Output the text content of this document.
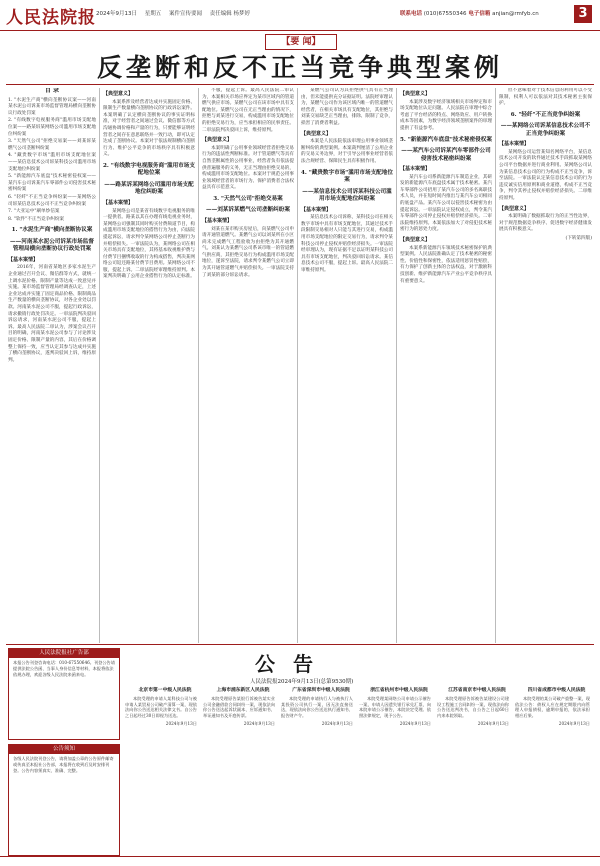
人民法院报 2024年9月13日 星期五 案件宣传要闻 责任编辑 杨梦婷	联系电话 (010)67550346 电子信箱 anjian@rmfyb.cn	3
【要 闻】
反垄断和反不正当竞争典型案例

目 录

1. "水泥生产商"横向垄断协议案——河南某水泥公司诉某市场监督管理局横向垄断协议行政处罚案

2. "有线数字电视服务商"滥用市场支配地位案——路某诉某网络公司滥用市场支配地位纠纷案

3. "天然气公司"拒绝交易案——刘某诉某燃气公司垄断纠纷案

4. "藏贵数字市场"滥用市场支配地位案——某信息技术公司诉某科技公司滥用市场支配地位纠纷案

5. "新能源汽车底盘"技术秘密侵权案——某汽车公司诉某汽车零部件公司侵害技术秘密纠纷案

6. "轻纤"不正当竞争纠纷案——某网络公司诉某信息技术公司不正当竞争纠纷案

7. "大亚运中"刷单炒信案

8. "软件"不正当竞争纠纷案

1. "水泥生产商"横向垄断协议案

——河南某水泥公司诉某市场监督管理局横向垄断协议行政处罚案

【基本案情】

2016年，河南省某地区多家水泥生产企业通过召开会议、微信群等方式，就统一上调水泥价格、限制产量等达成一致意见并实施。某市场监督管理局经调查认定，上述企业达成并实施了固定商品价格、限制商品生产数量的横向垄断协议，对各企业处以罚款。河南某水泥公司不服，提起行政诉讼，请求撤销行政处罚决定。一审法院判决驳回诉讼请求，河南某水泥公司不服，提起上诉。最高人民法院二审认为，涉案会议召开目的明确，河南某水泥公司参与了讨论涉及固定价格、限制产量的内容，其后在价格调整上保持一致，应当认定其参与达成并实施了横向垄断协议，遂判决驳回上诉，维持原判。

【典型意义】

本案系涉及经营者达成并实施固定价格、限制生产数量横向垄断协议的行政诉讼案件。本案明确了认定横向垄断协议的事实证明标准，对于经营者之间通过会议、微信群等方式沟通协调价格和产量的行为，只要能够证明经营者之间存在意思联络并一致行动，即可认定达成了垄断协议。本案对于依法规制横向垄断行为、维护公平竞争的市场秩序具有积极意义。

2. "有线数字电视服务商"滥用市场支配地位案

——路某诉某网络公司滥用市场支配地位纠纷案

【基本案情】

某网络公司是某省有线数字电视服务的唯一提供者。路某以其在办理有线电视业务时，某网络公司强制其同时购买付费频道节目，构成滥用市场支配地位的搭售行为为由，向法院提起诉讼，请求判令某网络公司停止垄断行为并赔偿损失。一审法院认为，某网络公司在相关市场具有支配地位，其将基本收视维护费与付费节目捆绑收取的行为构成搭售，判决某网络公司返还路某付费节目费用。某网络公司不服，提起上诉。二审法院经审理维持原判。本案判决明确了公用企业搭售行为的认定标准。

不服，提起上诉。最高人民法院二审认为，本案相关市场应界定为某市区域内的管道燃气供应市场。某燃气公司在该市场中具有支配地位。某燃气公司在无正当理由的情况下，拒绝与刘某进行交易，构成滥用市场支配地位的拒绝交易行为，应当承担相应的民事责任。二审法院判决驳回上诉，维持原判。

【典型意义】

本案明确了公用事业领域经营者拒绝交易行为的违法性判断标准。对于管道燃气等具有自然垄断属性的公用事业，经营者负有依法提供普遍服务的义务，无正当理由拒绝交易的，构成滥用市场支配地位。本案对于规范公用事业领域经营者的市场行为、保护消费者合法权益具有示范意义。

3. "天然气公司"拒绝交易案

——刘某诉某燃气公司垄断纠纷案

【基本案情】

刘某在某市购买房屋后，向某燃气公司申请开通管道燃气。某燃气公司以刘某所在小区尚未完成燃气工程验收为由拒绝为其开通燃气。刘某认为某燃气公司系该市唯一的管道燃气供应商，其拒绝交易行为构成滥用市场支配地位，遂诉至法院，请求判令某燃气公司立即为其开通管道燃气并赔偿损失。一审法院支持了刘某的部分诉讼请求。

某燃气公司认为其拒绝供气具有正当理由，但未能提供充分证据证明。法院经审理认为，某燃气公司作为该区域内唯一的管道燃气经营者，在相关市场具有支配地位，其拒绝与刘某交易缺乏正当理由，排除、限制了竞争，损害了消费者利益。

【典型意义】

本案是人民法院依法审理公用事业领域垄断纠纷的典型案例。本案裁判厘清了公用企业的交易义务边界，对于引导公用事业经营者依法合规经营、保障民生具有积极作用。

4. "藏贵数字市场"滥用市场支配地位案

——某信息技术公司诉某科技公司滥用市场支配地位纠纷案

【基本案情】

某信息技术公司诉称，某科技公司在相关数字市场中具有市场支配地位，其通过技术手段限制交易相对人只能与其进行交易，构成滥用市场支配地位的限定交易行为，请求判令某科技公司停止侵权并赔偿经济损失。一审法院经审理认为，现有证据不足以证明某科技公司具有市场支配地位，判决驳回诉讼请求。某信息技术公司不服，提起上诉。最高人民法院二审维持原判。

【典型意义】

本案涉及数字经济领域相关市场界定和市场支配地位认定问题。人民法院在审理中综合考虑了平台经济的特点、网络效应、用户转换成本等因素，为数字经济领域垄断案件的审理提供了有益参考。

5. "新能源汽车底盘"技术秘密侵权案

——某汽车公司诉某汽车零部件公司侵害技术秘密纠纷案

【基本案情】

某汽车公司系新能源汽车制造企业，其研发的新能源汽车底盘技术属于技术秘密。某汽车零部件公司招用了某汽车公司的多名离职技术人员，并在短时间内推出与某汽车公司相同的底盘产品。某汽车公司以侵害技术秘密为由提起诉讼。一审法院认定侵权成立，判令某汽车零部件公司停止侵权并赔偿经济损失。二审法院维持原判。本案依法加大了对侵犯技术秘密行为的惩处力度。

【典型意义】

本案系新能源汽车领域技术秘密保护的典型案例。人民法院准确认定了技术秘密的秘密性、价值性和保密性，依法适用惩罚性赔偿，有力保护了创新主体的合法权益，对于激励科技创新、维护新能源汽车产业公平竞争秩序具有重要意义。

但不意味着对于技术信息的利用可以不受限制，权利人可以依法对其技术秘密主张保护。

6. "轻纤"不正当竞争纠纷案

——某网络公司诉某信息技术公司不正当竞争纠纷案

【基本案情】

某网络公司运营某知名网络平台，某信息技术公司开发的软件通过技术手段抓取某网络公司平台数据并进行商业利用。某网络公司认为某信息技术公司的行为构成不正当竞争，诉至法院。一审法院认定某信息技术公司的行为违反诚实信用原则和商业道德，构成不正当竞争，判令其停止侵权并赔偿经济损失。二审维持原判。

【典型意义】

本案明确了数据抓取行为的正当性边界，对于规范数据竞争秩序、促进数字经济健康发展具有积极意义。

(下转第四版)

人民法院报社广告部
本报公告刊登咨询电话：010-67550646。刊登公告请提供法院公告函、当事人身份信息等材料，本报将依法依规办理，欢迎各级人民法院来函来电。
公告须知
各级人民法院刊登公告，请将加盖公章的公告原件邮寄或传真至本报社公告部，本报将在收到后及时安排刊登。公告内容须真实、准确、完整。
公告
人民法院报2024年9月13日(总第9530期)

北京市第一中级人民法院

本院受理的申请人某科技公司与被申请人某贸易公司破产清算一案，现依法向你公告送达相关法律文书。自公告之日起经过30日即视为送达。

2024年9月13日

上海市浦东新区人民法院

本院受理原告某银行诉被告某实业公司金融借款合同纠纷一案，现依法向你公告送达起诉状副本、应诉通知书、举证通知书及开庭传票。

2024年9月13日

广东省深圳市中级人民法院

本院受理的申请执行人与被执行人某投资公司执行一案，因无法直接送达，现依法向你公告送达执行通知书、报告财产令。

2024年9月13日

浙江省杭州市中级人民法院

本院受理某网络公司申请公示催告一案，申请人因遗失银行承兑汇票，向本院申请公示催告，本院决定受理。依照法律规定，现予公告。

2024年9月13日

江苏省南京市中级人民法院

本院受理原告诉被告某建设公司建设工程施工合同纠纷一案，现依法向你公告送达判决书，自公告之日起60日内来本院领取。

2024年9月13日

四川省成都市中级人民法院

本院受理的某公司破产重整一案，现依法公告：债权人应在规定期限内向管理人申报债权，逾期申报的，依法承担相应后果。

2024年9月13日
